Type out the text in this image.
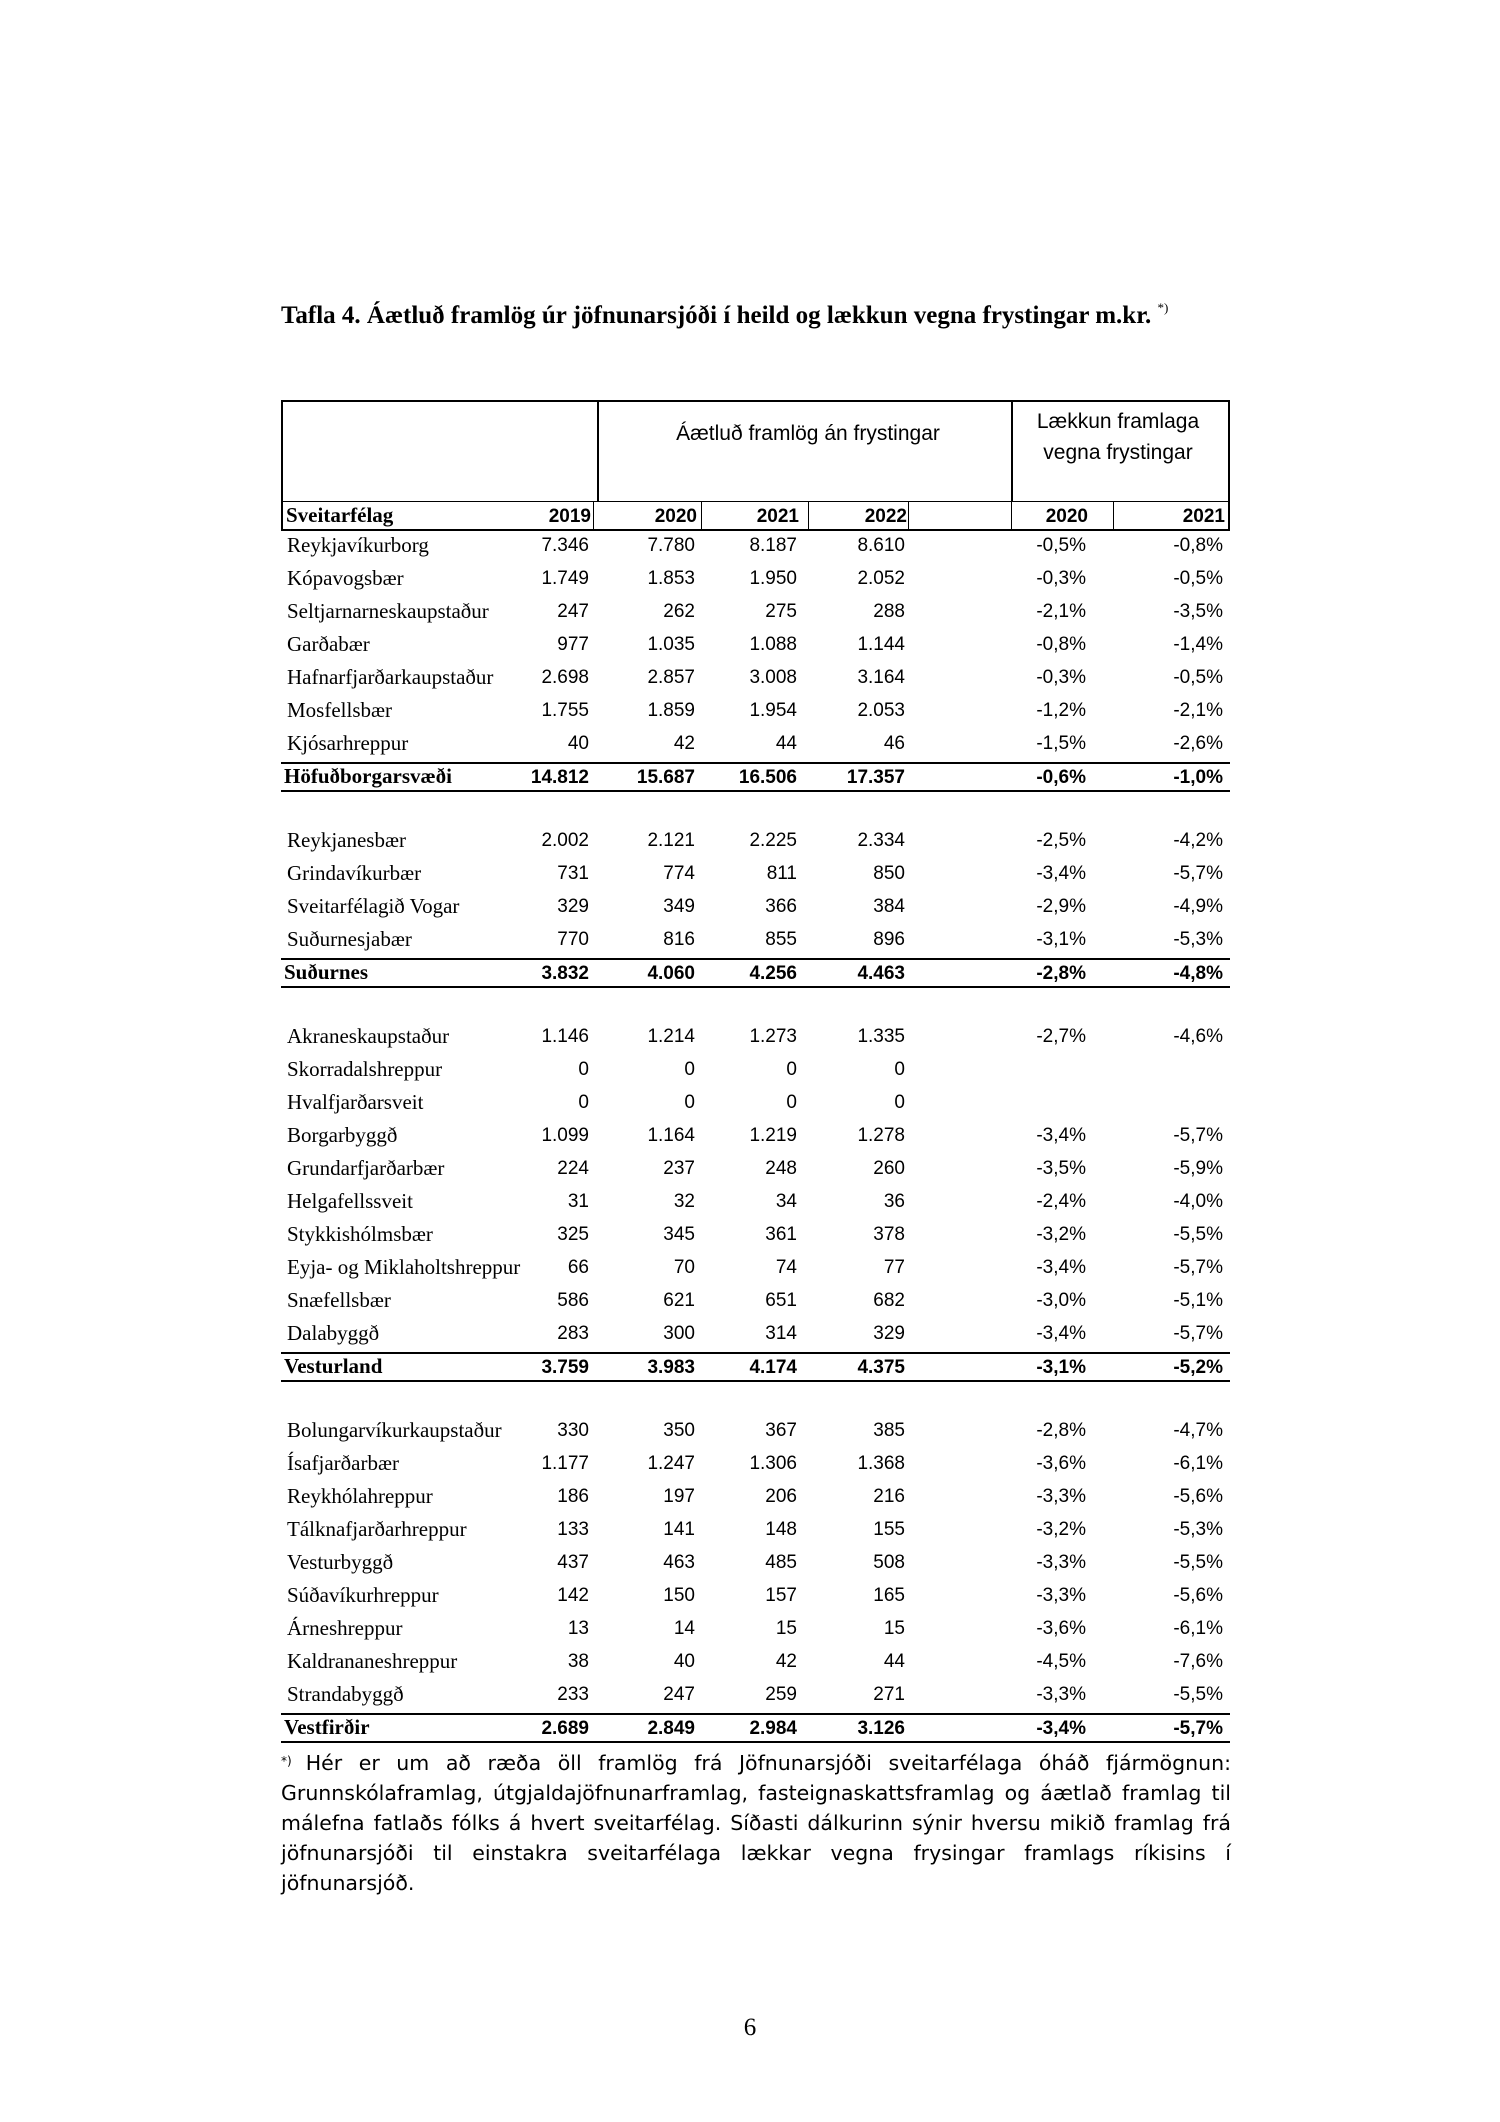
Tafla 4. Áætluð framlög úr jöfnunarsjóði í heild og lækkun vegna frystingar m.kr. *)
Áætluð framlög án frystingar
Lækkun framlaga
vegna frystingar
Sveitarfélag	2019	2020	2021	2022	2020	2021
Reykjavíkurborg	7.346	7.780	8.187	8.610	-0,5%	-0,8%
Kópavogsbær	1.749	1.853	1.950	2.052	-0,3%	-0,5%
Seltjarnarneskaupstaður	247	262	275	288	-2,1%	-3,5%
Garðabær	977	1.035	1.088	1.144	-0,8%	-1,4%
Hafnarfjarðarkaupstaður	2.698	2.857	3.008	3.164	-0,3%	-0,5%
Mosfellsbær	1.755	1.859	1.954	2.053	-1,2%	-2,1%
Kjósarhreppur	40	42	44	46	-1,5%	-2,6%
Höfuðborgarsvæði	14.812	15.687	16.506	17.357	-0,6%	-1,0%
Reykjanesbær	2.002	2.121	2.225	2.334	-2,5%	-4,2%
Grindavíkurbær	731	774	811	850	-3,4%	-5,7%
Sveitarfélagið Vogar	329	349	366	384	-2,9%	-4,9%
Suðurnesjabær	770	816	855	896	-3,1%	-5,3%
Suðurnes	3.832	4.060	4.256	4.463	-2,8%	-4,8%
Akraneskaupstaður	1.146	1.214	1.273	1.335	-2,7%	-4,6%
Skorradalshreppur	0	0	0	0
Hvalfjarðarsveit	0	0	0	0
Borgarbyggð	1.099	1.164	1.219	1.278	-3,4%	-5,7%
Grundarfjarðarbær	224	237	248	260	-3,5%	-5,9%
Helgafellssveit	31	32	34	36	-2,4%	-4,0%
Stykkishólmsbær	325	345	361	378	-3,2%	-5,5%
Eyja- og Miklaholtshreppur	66	70	74	77	-3,4%	-5,7%
Snæfellsbær	586	621	651	682	-3,0%	-5,1%
Dalabyggð	283	300	314	329	-3,4%	-5,7%
Vesturland	3.759	3.983	4.174	4.375	-3,1%	-5,2%
Bolungarvíkurkaupstaður	330	350	367	385	-2,8%	-4,7%
Ísafjarðarbær	1.177	1.247	1.306	1.368	-3,6%	-6,1%
Reykhólahreppur	186	197	206	216	-3,3%	-5,6%
Tálknafjarðarhreppur	133	141	148	155	-3,2%	-5,3%
Vesturbyggð	437	463	485	508	-3,3%	-5,5%
Súðavíkurhreppur	142	150	157	165	-3,3%	-5,6%
Árneshreppur	13	14	15	15	-3,6%	-6,1%
Kaldrananeshreppur	38	40	42	44	-4,5%	-7,6%
Strandabyggð	233	247	259	271	-3,3%	-5,5%
Vestfirðir	2.689	2.849	2.984	3.126	-3,4%	-5,7%
*) Hér er um að ræða öll framlög frá Jöfnunarsjóði sveitarfélaga óháð fjármögnun: Grunnskólaframlag, útgjaldajöfnunarframlag, fasteignaskattsframlag og áætlað framlag til málefna fatlaðs fólks á hvert sveitarfélag. Síðasti dálkurinn sýnir hversu mikið framlag frá jöfnunarsjóði til einstakra sveitarfélaga lækkar vegna frysingar framlags ríkisins í jöfnunarsjóð.
6
